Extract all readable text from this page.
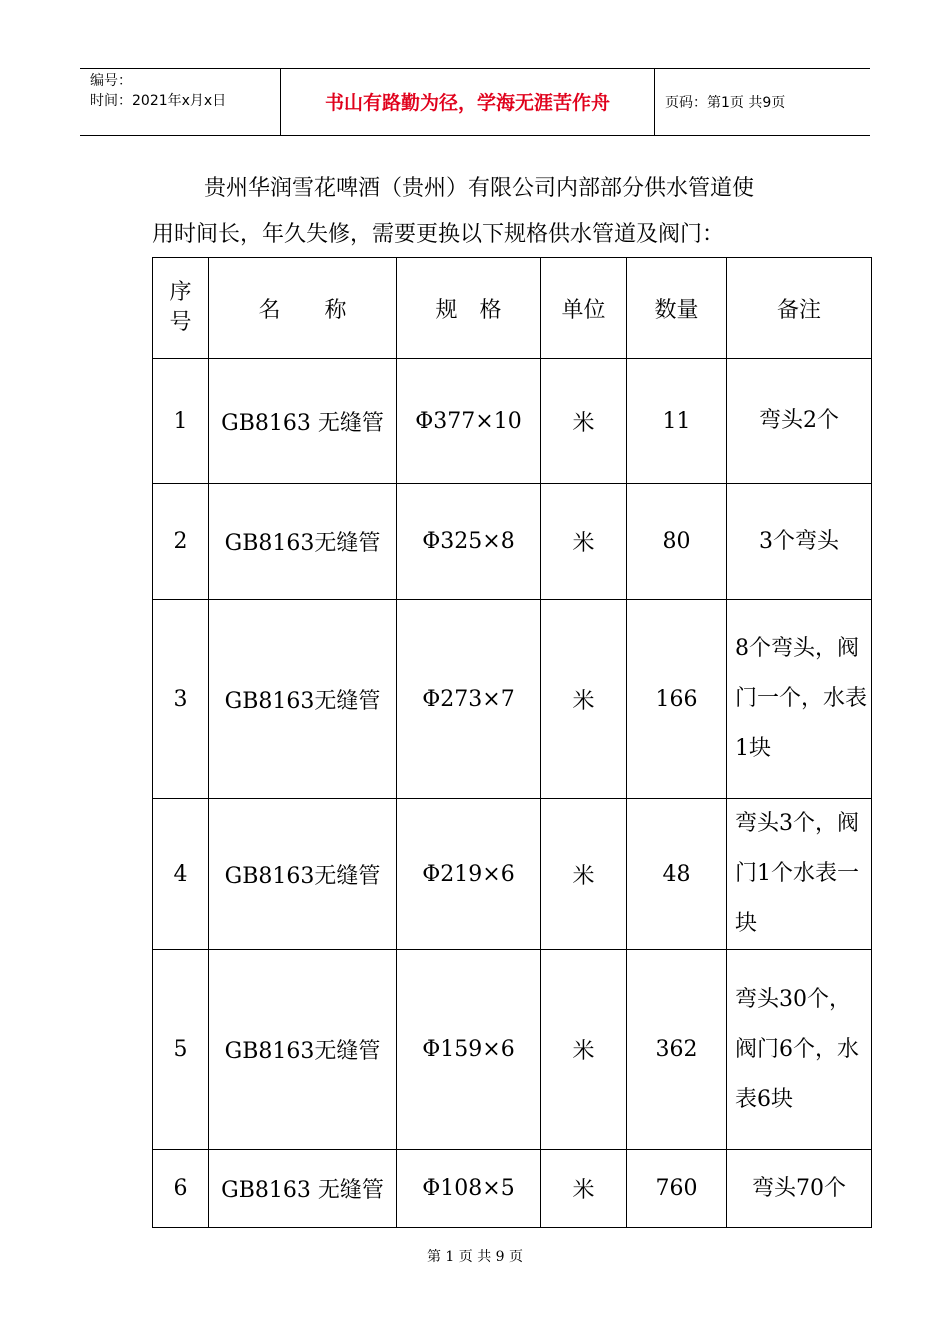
编号：
时间：2021年x月x日	书山有路勤为径，学海无涯苦作舟	页码：第1页 共9页
贵州华润雪花啤酒（贵州）有限公司内部部分供水管道使
用时间长，年久失修，需要更换以下规格供水管道及阀门：
序
号	名　　称	规　格	单位	数量	备注
1	GB8163 无缝管	Φ377×10	米	11	弯头2个
2	GB8163无缝管	Φ325×8	米	80	3个弯头
3	GB8163无缝管	Φ273×7	米	166	8个弯头，阀门一个，水表1块
4	GB8163无缝管	Φ219×6	米	48	弯头3个，阀门1个水表一块
5	GB8163无缝管	Φ159×6	米	362	弯头30个，阀门6个，水表6块
6	GB8163 无缝管	Φ108×5	米	760	弯头70个
第 1 页 共 9 页
